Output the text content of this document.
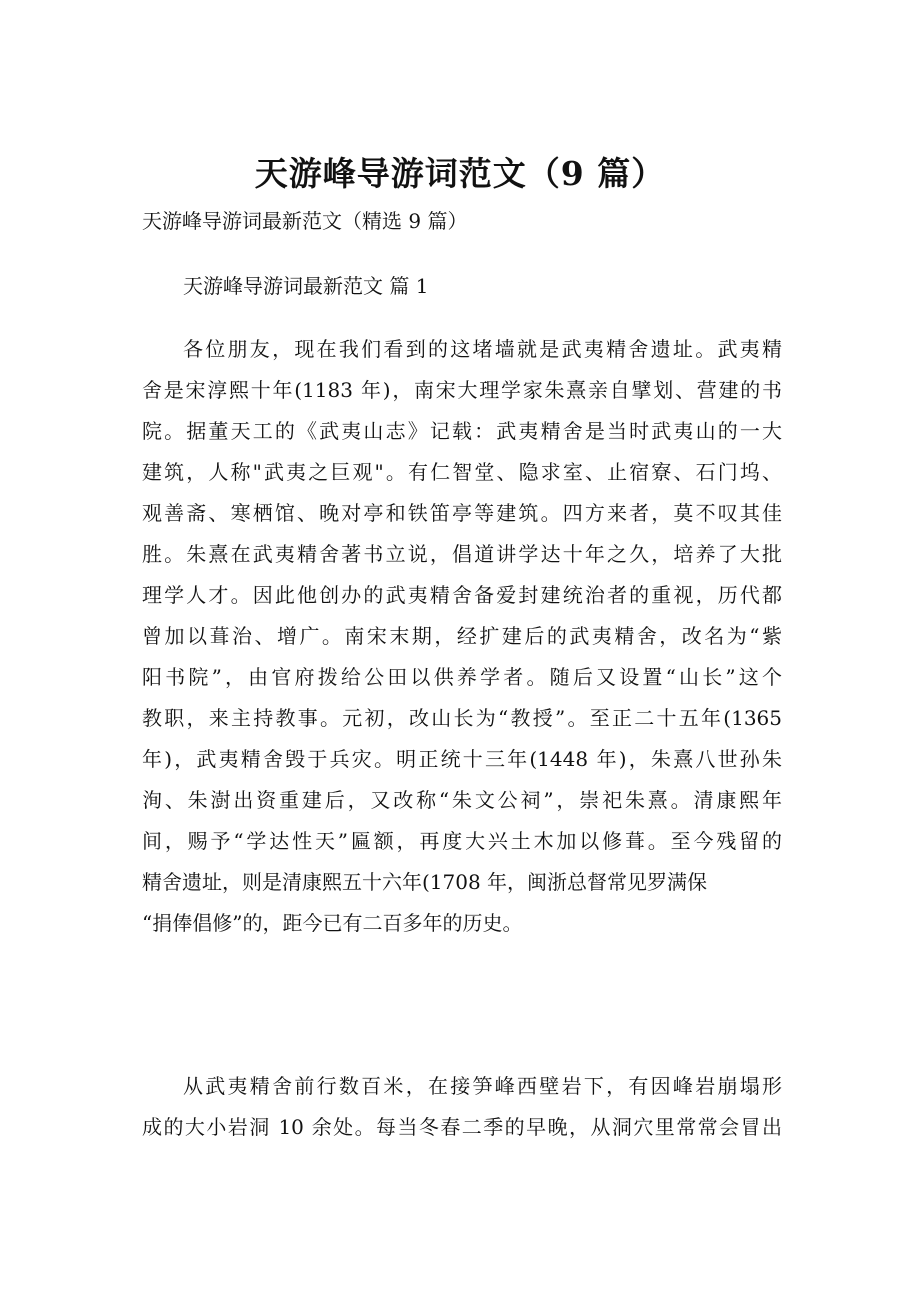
天游峰导游词范文（9 篇）
天游峰导游词最新范文（精选 9 篇）
天游峰导游词最新范文 篇 1
各位朋友，现在我们看到的这堵墙就是武夷精舍遗址。武夷精
舍是宋淳熙十年(1183 年)，南宋大理学家朱熹亲自擘划、营建的书
院。据董天工的《武夷山志》记载：武夷精舍是当时武夷山的一大
建筑，人称"武夷之巨观"。有仁智堂、隐求室、止宿寮、石门坞、
观善斋、寒栖馆、晚对亭和铁笛亭等建筑。四方来者，莫不叹其佳
胜。朱熹在武夷精舍著书立说，倡道讲学达十年之久，培养了大批
理学人才。因此他创办的武夷精舍备爱封建统治者的重视，历代都
曾加以葺治、增广。南宋末期，经扩建后的武夷精舍，改名为“紫
阳书院”，由官府拨给公田以供养学者。随后又设置“山长”这个
教职，来主持教事。元初，改山长为“教授”。至正二十五年(1365
年)，武夷精舍毁于兵灾。明正统十三年(1448 年)，朱熹八世孙朱
洵、朱澍出资重建后，又改称“朱文公祠”，崇祀朱熹。清康熙年
间，赐予“学达性天”匾额，再度大兴土木加以修葺。至今残留的
精舍遗址，则是清康熙五十六年(1708 年，闽浙总督常见罗满保
“捐俸倡修”的，距今已有二百多年的历史。
从武夷精舍前行数百米，在接笋峰西壁岩下，有因峰岩崩塌形
成的大小岩洞 10 余处。每当冬春二季的早晚，从洞穴里常常会冒出
